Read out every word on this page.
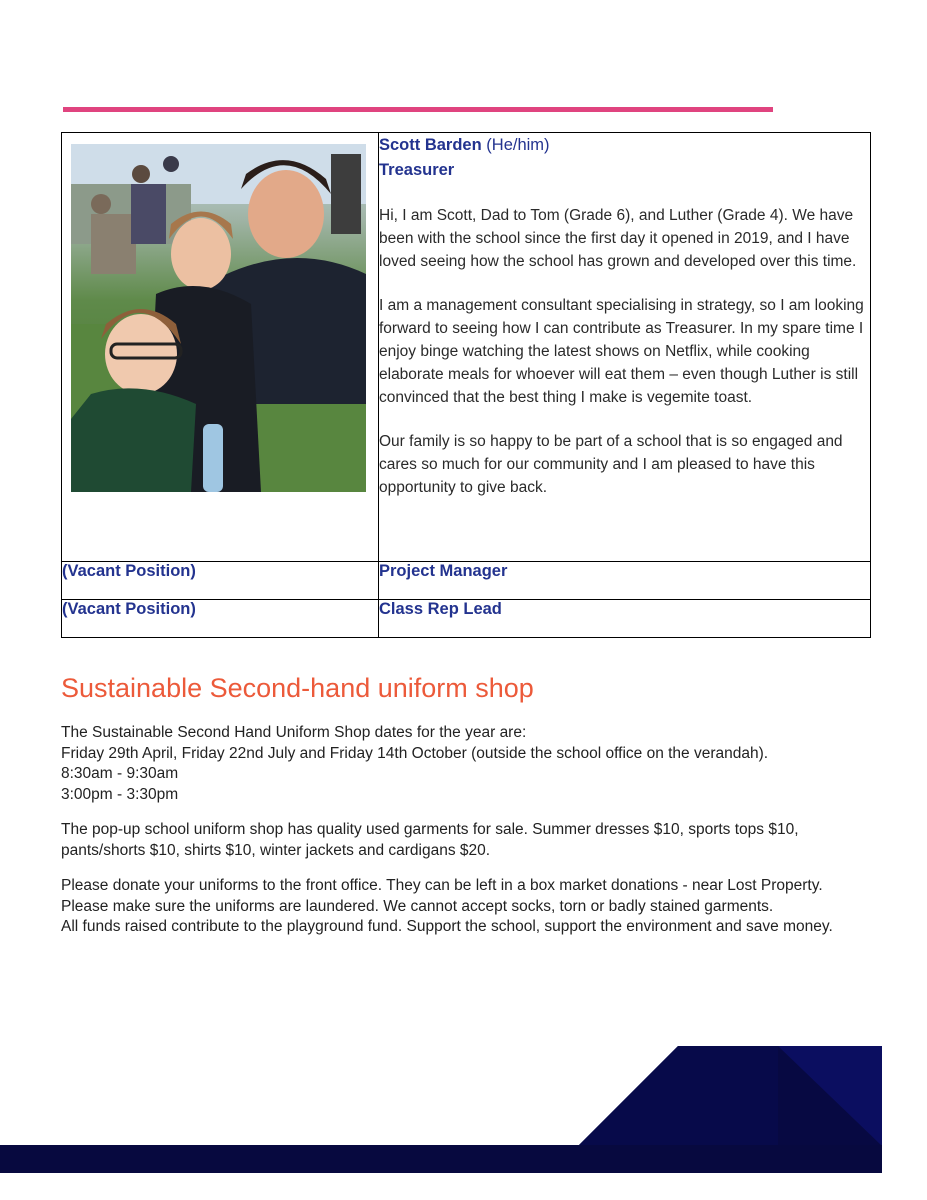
Scott Barden (He/him)
Treasurer
Hi, I am Scott, Dad to Tom (Grade 6), and Luther (Grade 4). We have been with the school since the first day it opened in 2019, and I have loved seeing how the school has grown and developed over this time.
I am a management consultant specialising in strategy, so I am looking forward to seeing how I can contribute as Treasurer. In my spare time I enjoy binge watching the latest shows on Netflix, while cooking elaborate meals for whoever will eat them – even though Luther is still convinced that the best thing I make is vegemite toast.
Our family is so happy to be part of a school that is so engaged and cares so much for our community and I am pleased to have this opportunity to give back.

(Vacant Position)	Project Manager
(Vacant Position)	Class Rep Lead
Sustainable Second-hand uniform shop

The Sustainable Second Hand Uniform Shop dates for the year are:

Friday 29th April, Friday 22nd July and Friday 14th October (outside the school office on the verandah).

8:30am - 9:30am

3:00pm - 3:30pm

The pop-up school uniform shop has quality used garments for sale. Summer dresses $10, sports tops $10, pants/shorts $10, shirts $10, winter jackets and cardigans $20.

Please donate your uniforms to the front office. They can be left in a box market donations - near Lost Property. Please make sure the uniforms are laundered. We cannot accept socks, torn or badly stained garments.

All funds raised contribute to the playground fund. Support the school, support the environment and save money.
